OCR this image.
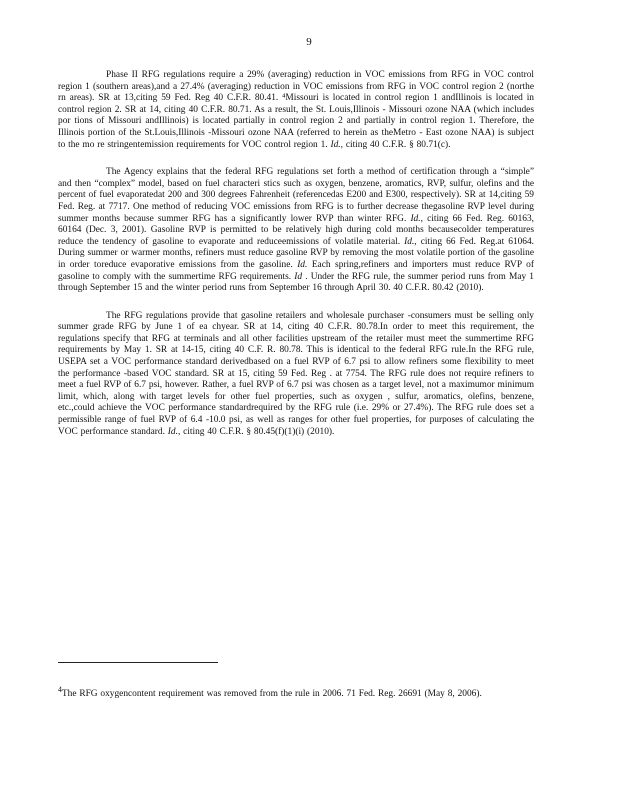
9

Phase II RFG regulations require a 29% (averaging) reduction in VOC emissions from RFG in VOC control region 1 (southern areas),and a 27.4% (averaging) reduction in VOC emissions from RFG in VOC control region 2 (northe rn areas). SR at 13,citing 59 Fed. Reg 40 C.F.R. 80.41. ⁴Missouri is located in control region 1 andIllinois is located in control region 2. SR at 14, citing 40 C.F.R. 80.71. As a result, the St. Louis,Illinois - Missouri ozone NAA (which includes por tions of Missouri andIllinois) is located partially in control region 2 and partially in control region 1. Therefore, the Illinois portion of the St.Louis,Illinois -Missouri ozone NAA (referred to herein as theMetro - East ozone NAA) is subject to the mo re stringentemission requirements for VOC control region 1. Id., citing 40 C.F.R. § 80.71(c).

The Agency explains that the federal RFG regulations set forth a method of certification through a “simple” and then “complex” model, based on fuel characteri stics such as oxygen, benzene, aromatics, RVP, sulfur, olefins and the percent of fuel evaporatedat 200 and 300 degrees Fahrenheit (referencedas E200 and E300, respectively). SR at 14,citing 59 Fed. Reg. at 7717. One method of reducing VOC emissions from RFG is to further decrease thegasoline RVP level during summer months because summer RFG has a significantly lower RVP than winter RFG. Id., citing 66 Fed. Reg. 60163, 60164 (Dec. 3, 2001). Gasoline RVP is permitted to be relatively high during cold months becausecolder temperatures reduce the tendency of gasoline to evaporate and reduceemissions of volatile material. Id., citing 66 Fed. Reg.at 61064. During summer or warmer months, refiners must reduce gasoline RVP by removing the most volatile portion of the gasoline in order toreduce evaporative emissions from the gasoline. Id. Each spring,refiners and importers must reduce RVP of gasoline to comply with the summertime RFG requirements. Id . Under the RFG rule, the summer period runs from May 1 through September 15 and the winter period runs from September 16 through April 30. 40 C.F.R. 80.42 (2010).

The RFG regulations provide that gasoline retailers and wholesale purchaser -consumers must be selling only summer grade RFG by June 1 of ea chyear. SR at 14, citing 40 C.F.R. 80.78.In order to meet this requirement, the regulations specify that RFG at terminals and all other facilities upstream of the retailer must meet the summertime RFG requirements by May 1. SR at 14-15, citing 40 C.F. R. 80.78. This is identical to the federal RFG rule.In the RFG rule, USEPA set a VOC performance standard derivedbased on a fuel RVP of 6.7 psi to allow refiners some flexibility to meet the performance -based VOC standard. SR at 15, citing 59 Fed. Reg . at 7754. The RFG rule does not require refiners to meet a fuel RVP of 6.7 psi, however. Rather, a fuel RVP of 6.7 psi was chosen as a target level, not a maximumor minimum limit, which, along with target levels for other fuel properties, such as oxygen , sulfur, aromatics, olefins, benzene, etc.,could achieve the VOC performance standardrequired by the RFG rule (i.e. 29% or 27.4%). The RFG rule does set a permissible range of fuel RVP of 6.4 -10.0 psi, as well as ranges for other fuel properties, for purposes of calculating the VOC performance standard. Id., citing 40 C.F.R. § 80.45(f)(1)(i) (2010).

$^4$The RFG oxygencontent requirement was removed from the rule in 2006. 71 Fed. Reg. 26691 (May 8, 2006).
